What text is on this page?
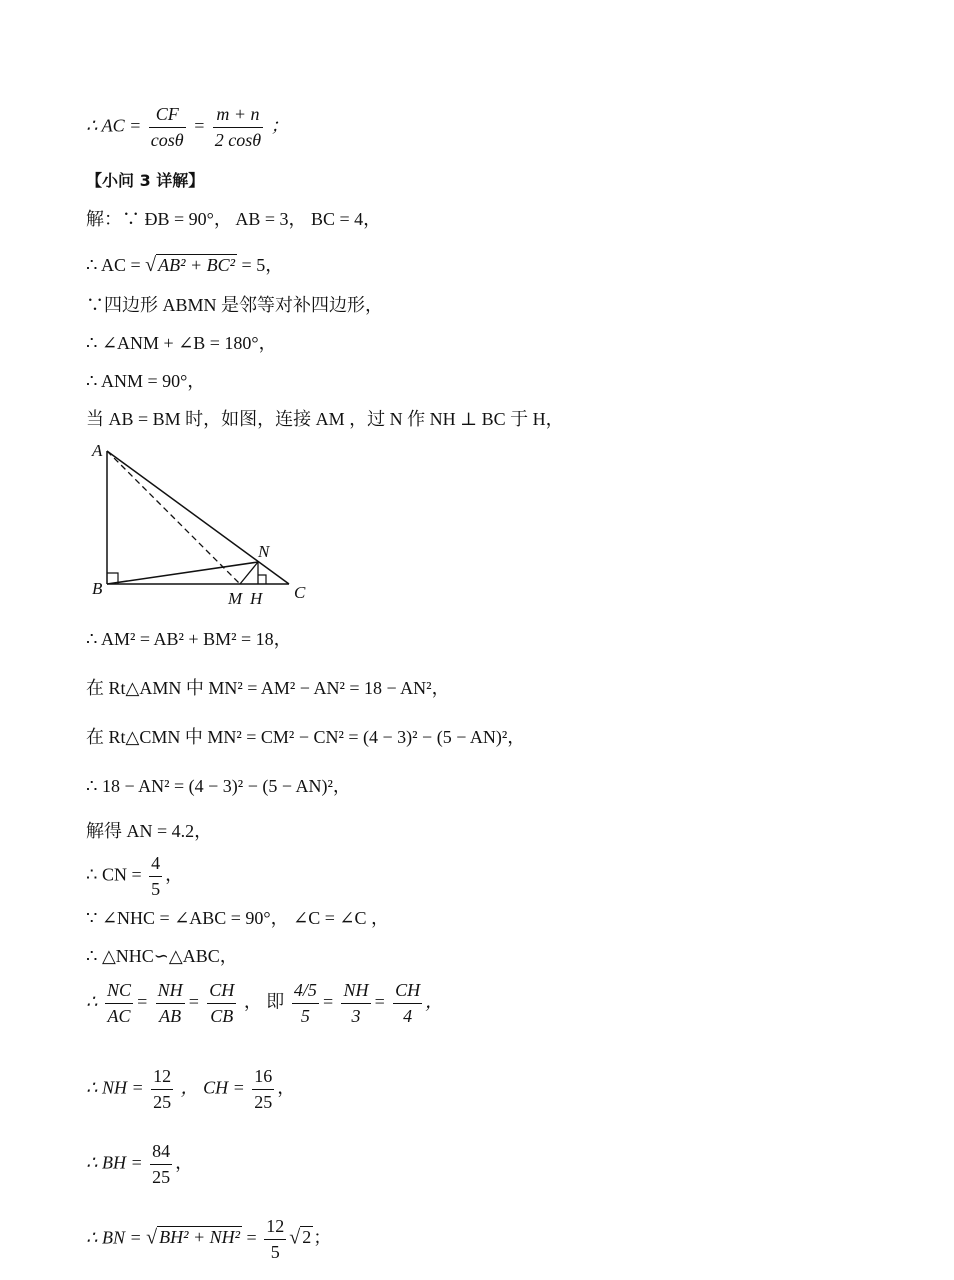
∴ AC = $\frac{CF}{\cos\theta} = \frac{m + n}{2 \cos\theta}$ ；
【小问 3 详解】
解：∵ ÐB = 90°， AB = 3， BC = 4，
∴ AC = √ AB² + BC² = 5，
∵四边形 ABMN 是邻等对补四边形，
∴ ∠ANM + ∠B = 180°，
∴ ANM = 90°，
当 AB = BM 时，如图，连接 AM ，过 N 作 NH ⊥ BC 于 H，
A
B	C
M H
N
∴ AM² = AB² + BM² = 18，
在 Rt△AMN 中 MN² = AM² − AN² = 18 − AN²，
在 Rt△CMN 中 MN² = CM² − CN² = (4 − 3)² − (5 − AN)²，
∴ 18 − AN² = (4 − 3)² − (5 − AN)²，
解得 AN = 4.2，
∴ CN = $\frac{4}{5}$ ，
∵ ∠NHC = ∠ABC = 90°， ∠C = ∠C ，
∴ △NHC∽△ABC，
∴ $\frac{NC}{AC} = \frac{NH}{AB} = \frac{CH}{CB}$ ， 即 $\frac{4/5}{5} = \frac{NH}{3} = \frac{CH}{4}$ ，
∴ NH = $\frac{12}{25}$ ， CH = $\frac{16}{25}$ ，
∴ BH = $\frac{84}{25}$ ，
∴ BN = √ $BH^2 + NH^2 = \frac{12}{5}$ √ 2 ；
